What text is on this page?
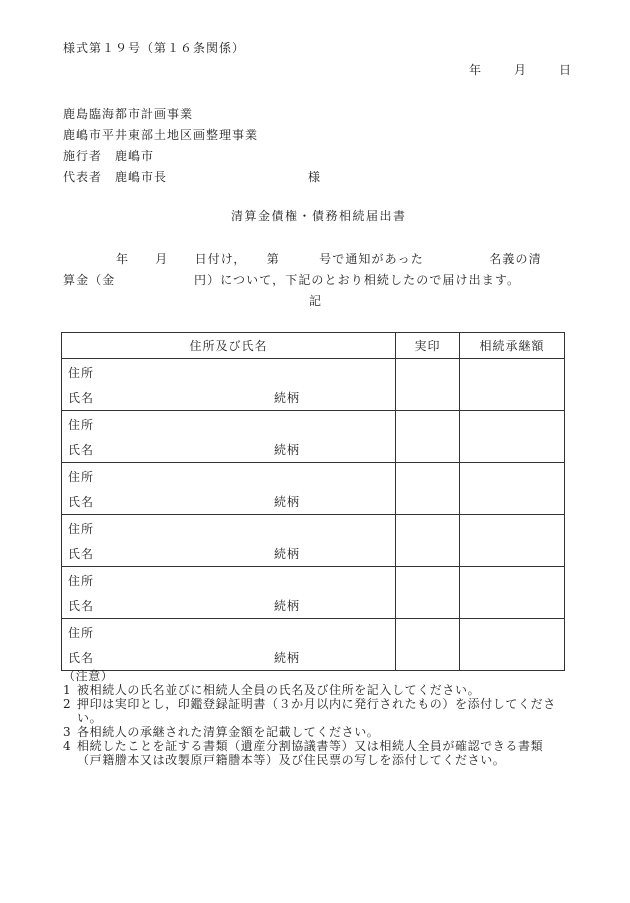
様式第１９号（第１６条関係）
年　　月　　日
鹿島臨海都市計画事業
鹿嶋市平井東部土地区画整理事業
施行者　鹿嶋市
代表者　鹿嶋市長	様
清算金債権・債務相続届出書
年　　月　　日付け，　　第　　　号で通知があった　　　　　名義の清
算金（金　　　　　　円）について，下記のとおり相続したので届け出ます。
記
住所及び氏名	実印	相続承継額

住所
氏名 続柄		

住所
氏名 続柄		

住所
氏名 続柄		

住所
氏名 続柄		

住所
氏名 続柄		

住所
氏名 続柄		

（注意）
1 被相続人の氏名並びに相続人全員の氏名及び住所を記入してください。
2 押印は実印とし，印鑑登録証明書（３か月以内に発行されたもの）を添付してください。
3 各相続人の承継された清算金額を記載してください。
4 相続したことを証する書類（遺産分割協議書等）又は相続人全員が確認できる書類（戸籍謄本又は改製原戸籍謄本等）及び住民票の写しを添付してください。
